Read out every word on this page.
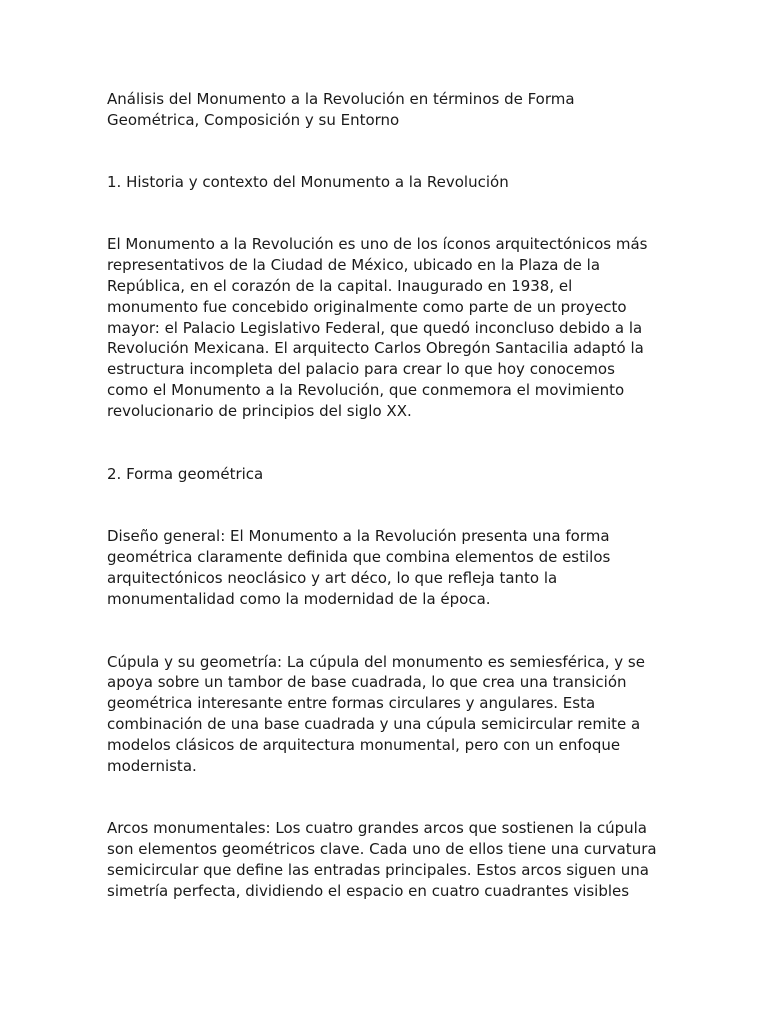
Análisis del Monumento a la Revolución en términos de Forma
Geométrica, Composición y su Entorno

1. Historia y contexto del Monumento a la Revolución

El Monumento a la Revolución es uno de los íconos arquitectónicos más
representativos de la Ciudad de México, ubicado en la Plaza de la
República, en el corazón de la capital. Inaugurado en 1938, el
monumento fue concebido originalmente como parte de un proyecto
mayor: el Palacio Legislativo Federal, que quedó inconcluso debido a la
Revolución Mexicana. El arquitecto Carlos Obregón Santacilia adaptó la
estructura incompleta del palacio para crear lo que hoy conocemos
como el Monumento a la Revolución, que conmemora el movimiento
revolucionario de principios del siglo XX.

2. Forma geométrica

Diseño general: El Monumento a la Revolución presenta una forma
geométrica claramente definida que combina elementos de estilos
arquitectónicos neoclásico y art déco, lo que refleja tanto la
monumentalidad como la modernidad de la época.

Cúpula y su geometría: La cúpula del monumento es semiesférica, y se
apoya sobre un tambor de base cuadrada, lo que crea una transición
geométrica interesante entre formas circulares y angulares. Esta
combinación de una base cuadrada y una cúpula semicircular remite a
modelos clásicos de arquitectura monumental, pero con un enfoque
modernista.

Arcos monumentales: Los cuatro grandes arcos que sostienen la cúpula
son elementos geométricos clave. Cada uno de ellos tiene una curvatura
semicircular que define las entradas principales. Estos arcos siguen una
simetría perfecta, dividiendo el espacio en cuatro cuadrantes visibles
